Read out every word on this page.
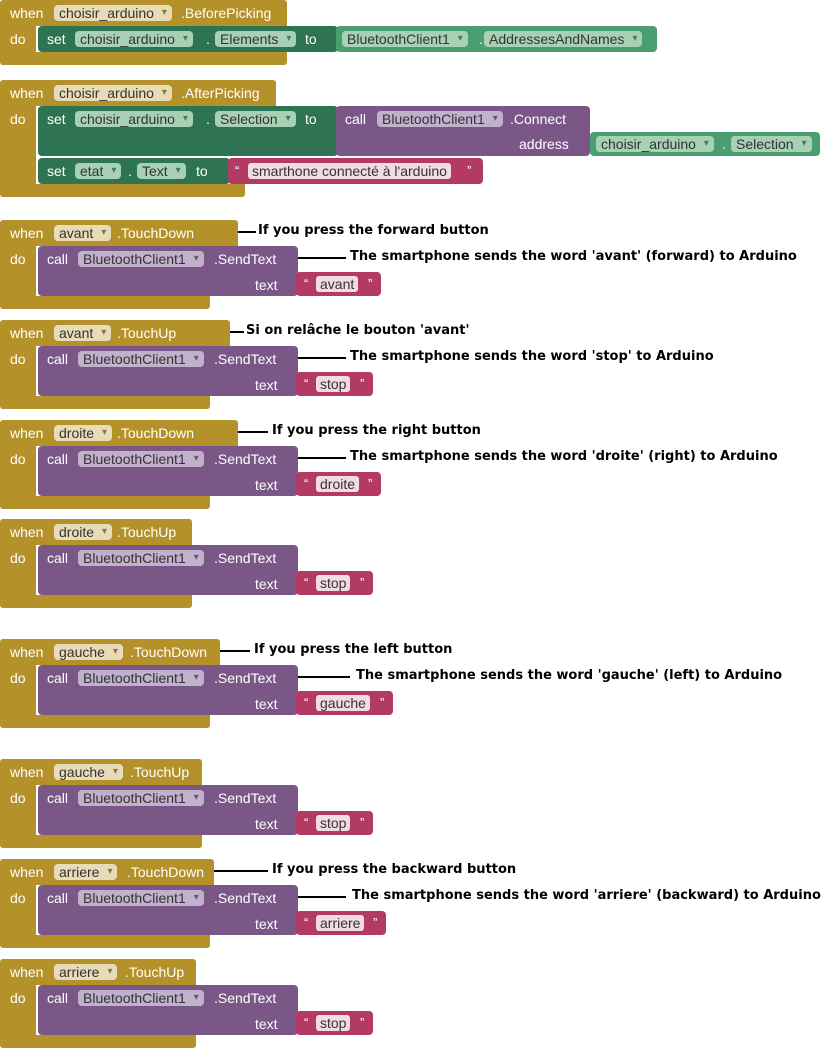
when	choisir_arduino ▾	.BeforePicking
do set	choisir_arduino ▾	. Elements ▾	to	BluetoothClient1 ▾	. AddressesAndNames ▾
when	choisir_arduino ▾	.AfterPicking
do set	choisir_arduino ▾	. Selection ▾	to call	BluetoothClient1 ▾	.Connect
address	choisir_arduino ▾	. Selection ▾
set	etat ▾	. Text ▾	to “ smarthone connecté à l'arduino	”
when	avant ▾	.TouchDown
do call	BluetoothClient1 ▾	.SendText
text “ avant	”
If you press the forward button
The smartphone sends the word 'avant' (forward) to Arduino
when	avant ▾	.TouchUp
do call	BluetoothClient1 ▾	.SendText
text “ stop	”
Si on relâche le bouton 'avant'
The smartphone sends the word 'stop' to Arduino
when	droite ▾	.TouchDown
do call	BluetoothClient1 ▾	.SendText
text “ droite ”
If you press the right button
The smartphone sends the word 'droite' (right) to Arduino
when	droite ▾	.TouchUp
do call	BluetoothClient1 ▾	.SendText
text “ stop	”
when	gauche ▾	.TouchDown
do call	BluetoothClient1 ▾	.SendText
text “ gauche	”
If you press the left button
The smartphone sends the word 'gauche' (left) to Arduino
when	gauche ▾	.TouchUp
do call	BluetoothClient1 ▾	.SendText
text “ stop	”
when	arriere ▾	.TouchDown
do call	BluetoothClient1 ▾	.SendText
text “ arriere ”
If you press the backward button
The smartphone sends the word 'arriere' (backward) to Arduino
when	arriere ▾	.TouchUp
do call	BluetoothClient1 ▾	.SendText
text “ stop	”
